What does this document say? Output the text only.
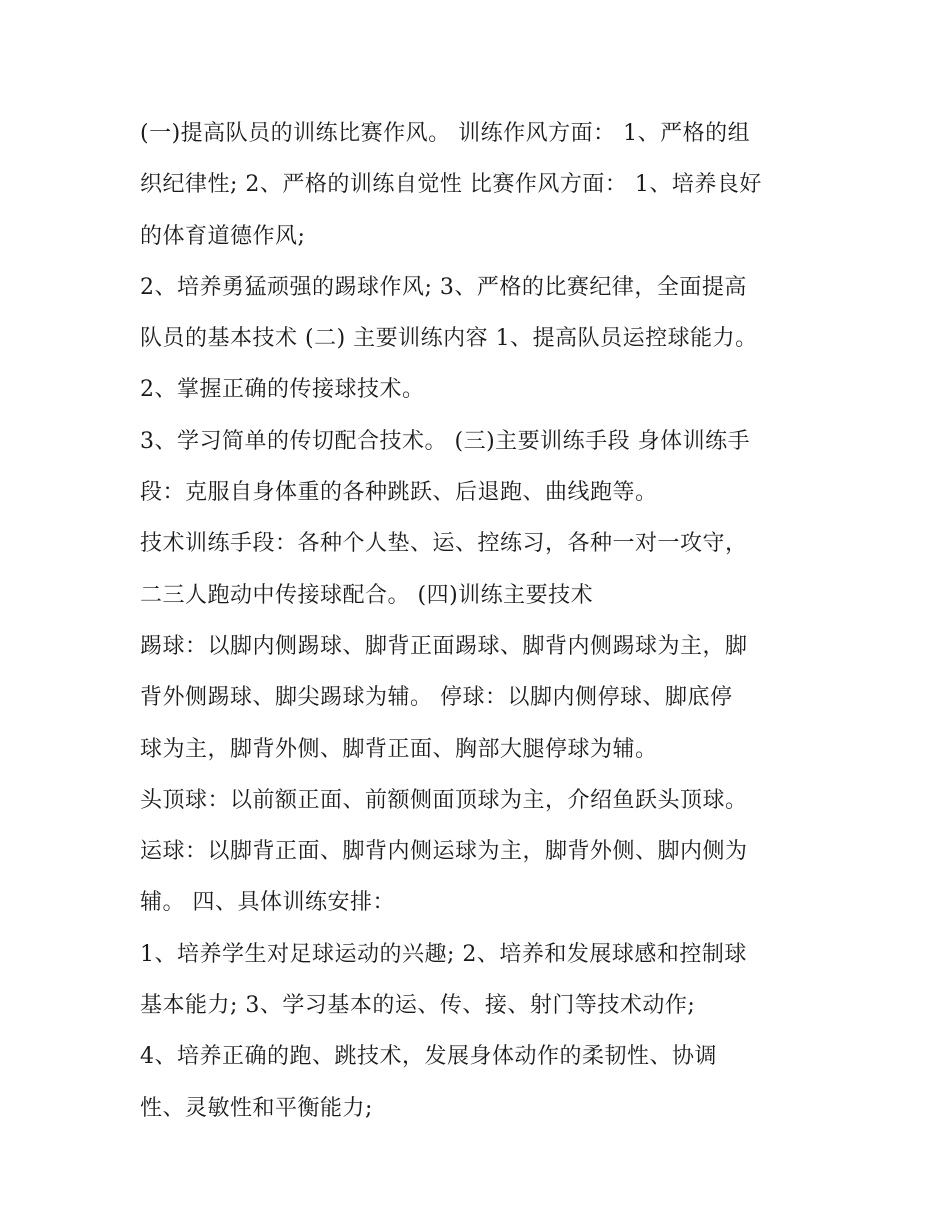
(一)提高队员的训练比赛作风。 训练作风方面： 1、严格的组
织纪律性; 2、严格的训练自觉性 比赛作风方面： 1、培养良好
的体育道德作风;
2、培养勇猛顽强的踢球作风; 3、严格的比赛纪律，全面提高
队员的基本技术 (二) 主要训练内容 1、提高队员运控球能力。
2、掌握正确的传接球技术。
3、学习简单的传切配合技术。 (三)主要训练手段 身体训练手
段：克服自身体重的各种跳跃、后退跑、曲线跑等。
技术训练手段：各种个人垫、运、控练习，各种一对一攻守，
二三人跑动中传接球配合。 (四)训练主要技术
踢球：以脚内侧踢球、脚背正面踢球、脚背内侧踢球为主，脚
背外侧踢球、脚尖踢球为辅。 停球：以脚内侧停球、脚底停
球为主，脚背外侧、脚背正面、胸部大腿停球为辅。
头顶球：以前额正面、前额侧面顶球为主，介绍鱼跃头顶球。
运球：以脚背正面、脚背内侧运球为主，脚背外侧、脚内侧为
辅。 四、具体训练安排：
1、培养学生对足球运动的兴趣; 2、培养和发展球感和控制球
基本能力; 3、学习基本的运、传、接、射门等技术动作;
4、培养正确的跑、跳技术，发展身体动作的柔韧性、协调
性、灵敏性和平衡能力;
